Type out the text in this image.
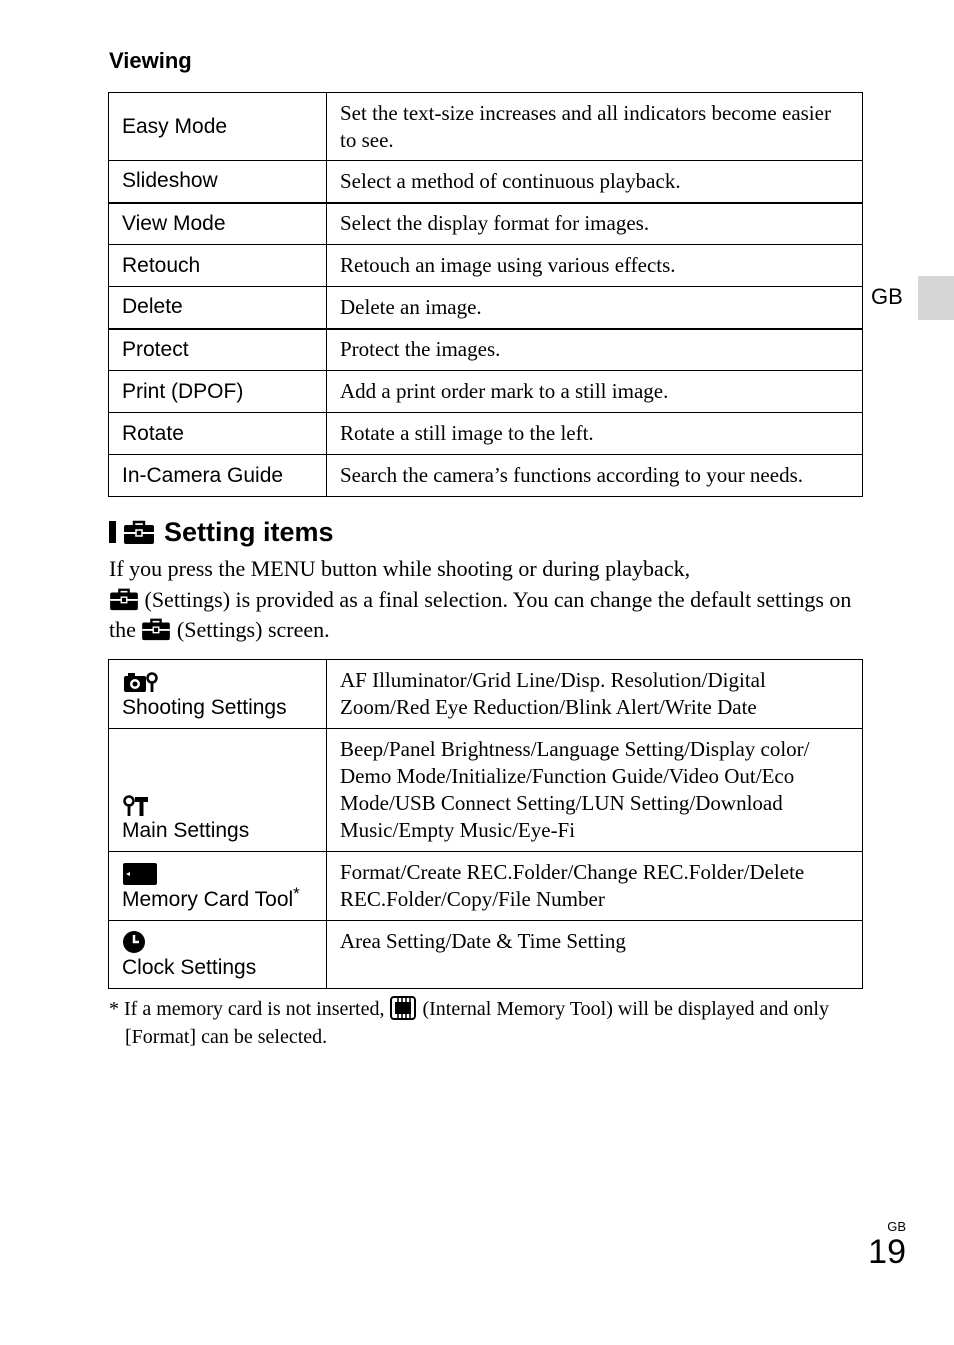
Viewing
Easy Mode	Set the text-size increases and all indicators become easier to see.
Slideshow	Select a method of continuous playback.
View Mode	Select the display format for images.
Retouch	Retouch an image using various effects.
Delete	Delete an image.
Protect	Protect the images.
Print (DPOF)	Add a print order mark to a still image.
Rotate	Rotate a still image to the left.
In-Camera Guide	Search the camera’s functions according to your needs.
GB
Setting items
If you press the MENU button while shooting or during playback,
(Settings) is provided as a final selection. You can change the default settings on the (Settings) screen.
Shooting Settings	AF Illuminator/Grid Line/Disp. Resolution/Digital Zoom/Red Eye Reduction/Blink Alert/Write Date

Main Settings	Beep/Panel Brightness/Language Setting/Display color/ Demo Mode/Initialize/Function Guide/Video Out/Eco Mode/USB Connect Setting/LUN Setting/Download Music/Empty Music/Eye-Fi

Memory Card Tool*	Format/Create REC.Folder/Change REC.Folder/Delete REC.Folder/Copy/File Number

Clock Settings	Area Setting/Date & Time Setting
* If a memory card is not inserted, (Internal Memory Tool) will be displayed and only [Format] can be selected.
GB
19
